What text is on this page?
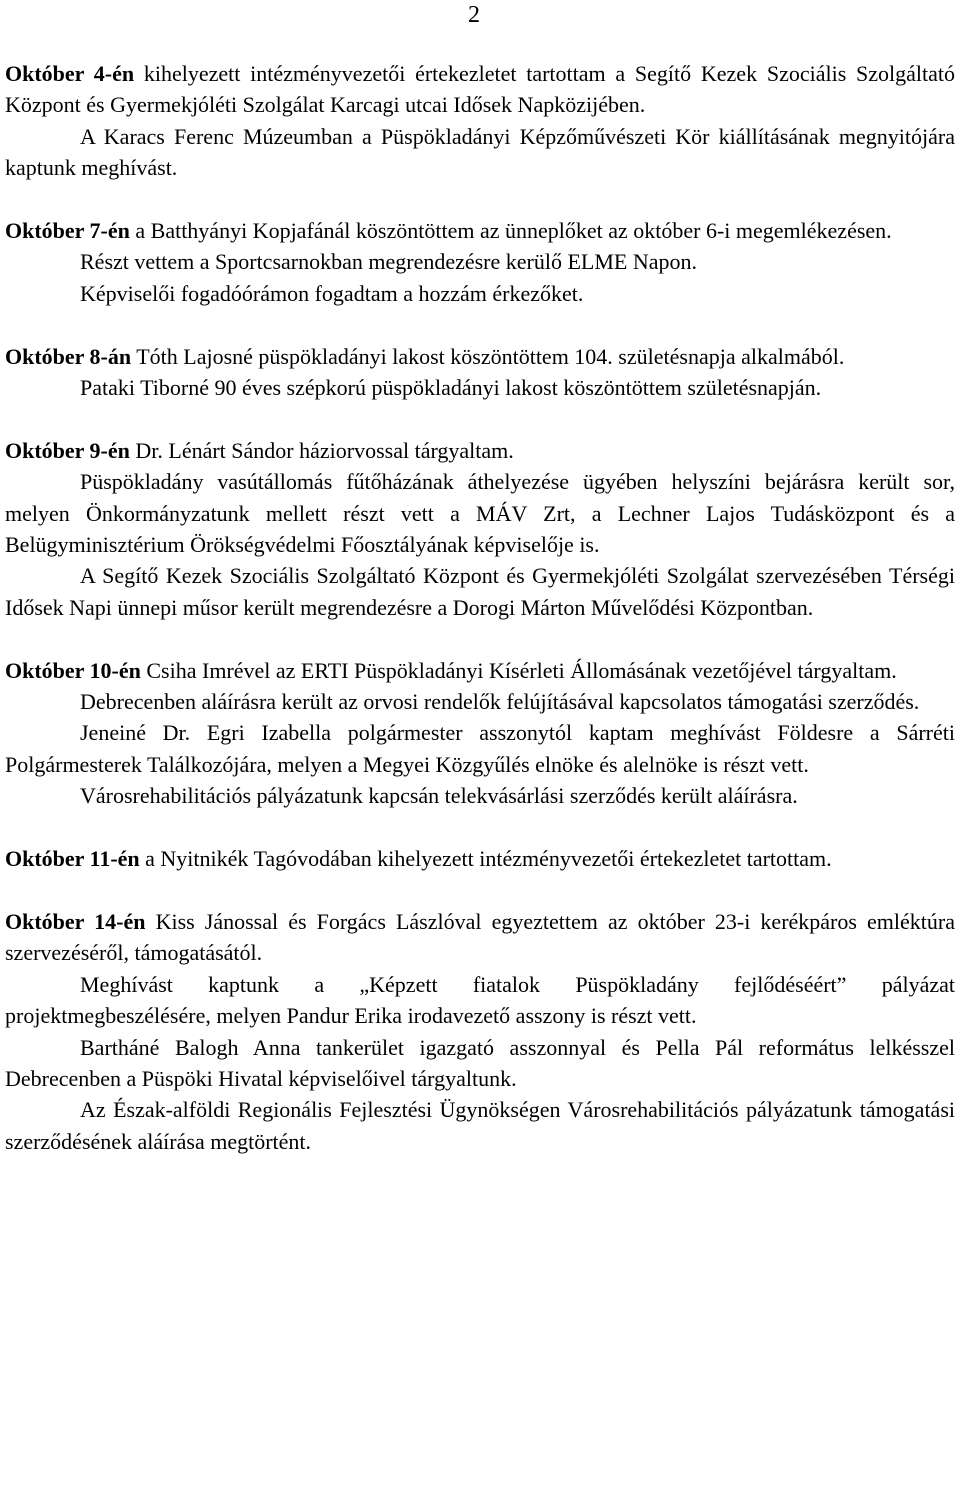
2

Október 4-én kihelyezett intézményvezetői értekezletet tartottam a Segítő Kezek Szociális Szolgáltató Központ és Gyermekjóléti Szolgálat Karcagi utcai Idősek Napközijében.

A Karacs Ferenc Múzeumban a Püspökladányi Képzőművészeti Kör kiállításának megnyitójára kaptunk meghívást.

Október 7-én a Batthyányi Kopjafánál köszöntöttem az ünneplőket az október 6-i megemlékezésen.

Részt vettem a Sportcsarnokban megrendezésre kerülő ELME Napon.

Képviselői fogadóórámon fogadtam a hozzám érkezőket.

Október 8-án Tóth Lajosné püspökladányi lakost köszöntöttem 104. születésnapja alkalmából.

Pataki Tiborné 90 éves szépkorú püspökladányi lakost köszöntöttem születésnapján.

Október 9-én Dr. Lénárt Sándor háziorvossal tárgyaltam.

Püspökladány vasútállomás fűtőházának áthelyezése ügyében helyszíni bejárásra került sor, melyen Önkormányzatunk mellett részt vett a MÁV Zrt, a Lechner Lajos Tudásközpont és a Belügyminisztérium Örökségvédelmi Főosztályának képviselője is.

A Segítő Kezek Szociális Szolgáltató Központ és Gyermekjóléti Szolgálat szervezésében Térségi Idősek Napi ünnepi műsor került megrendezésre a Dorogi Márton Művelődési Központban.

Október 10-én Csiha Imrével az ERTI Püspökladányi Kísérleti Állomásának vezetőjével tárgyaltam.

Debrecenben aláírásra került az orvosi rendelők felújításával kapcsolatos támogatási szerződés.

Jeneiné Dr. Egri Izabella polgármester asszonytól kaptam meghívást Földesre a Sárréti Polgármesterek Találkozójára, melyen a Megyei Közgyűlés elnöke és alelnöke is részt vett.

Városrehabilitációs pályázatunk kapcsán telekvásárlási szerződés került aláírásra.

Október 11-én a Nyitnikék Tagóvodában kihelyezett intézményvezetői értekezletet tartottam.

Október 14-én Kiss Jánossal és Forgács Lászlóval egyeztettem az október 23-i kerékpáros emléktúra szervezéséről, támogatásától.

Meghívást kaptunk a „Képzett fiatalok Püspökladány fejlődéséért” pályázat projektmegbeszélésére, melyen Pandur Erika irodavezető asszony is részt vett.

Bartháné Balogh Anna tankerület igazgató asszonnyal és Pella Pál református lelkésszel Debrecenben a Püspöki Hivatal képviselőivel tárgyaltunk.

Az Észak-alföldi Regionális Fejlesztési Ügynökségen Városrehabilitációs pályázatunk támogatási szerződésének aláírása megtörtént.
